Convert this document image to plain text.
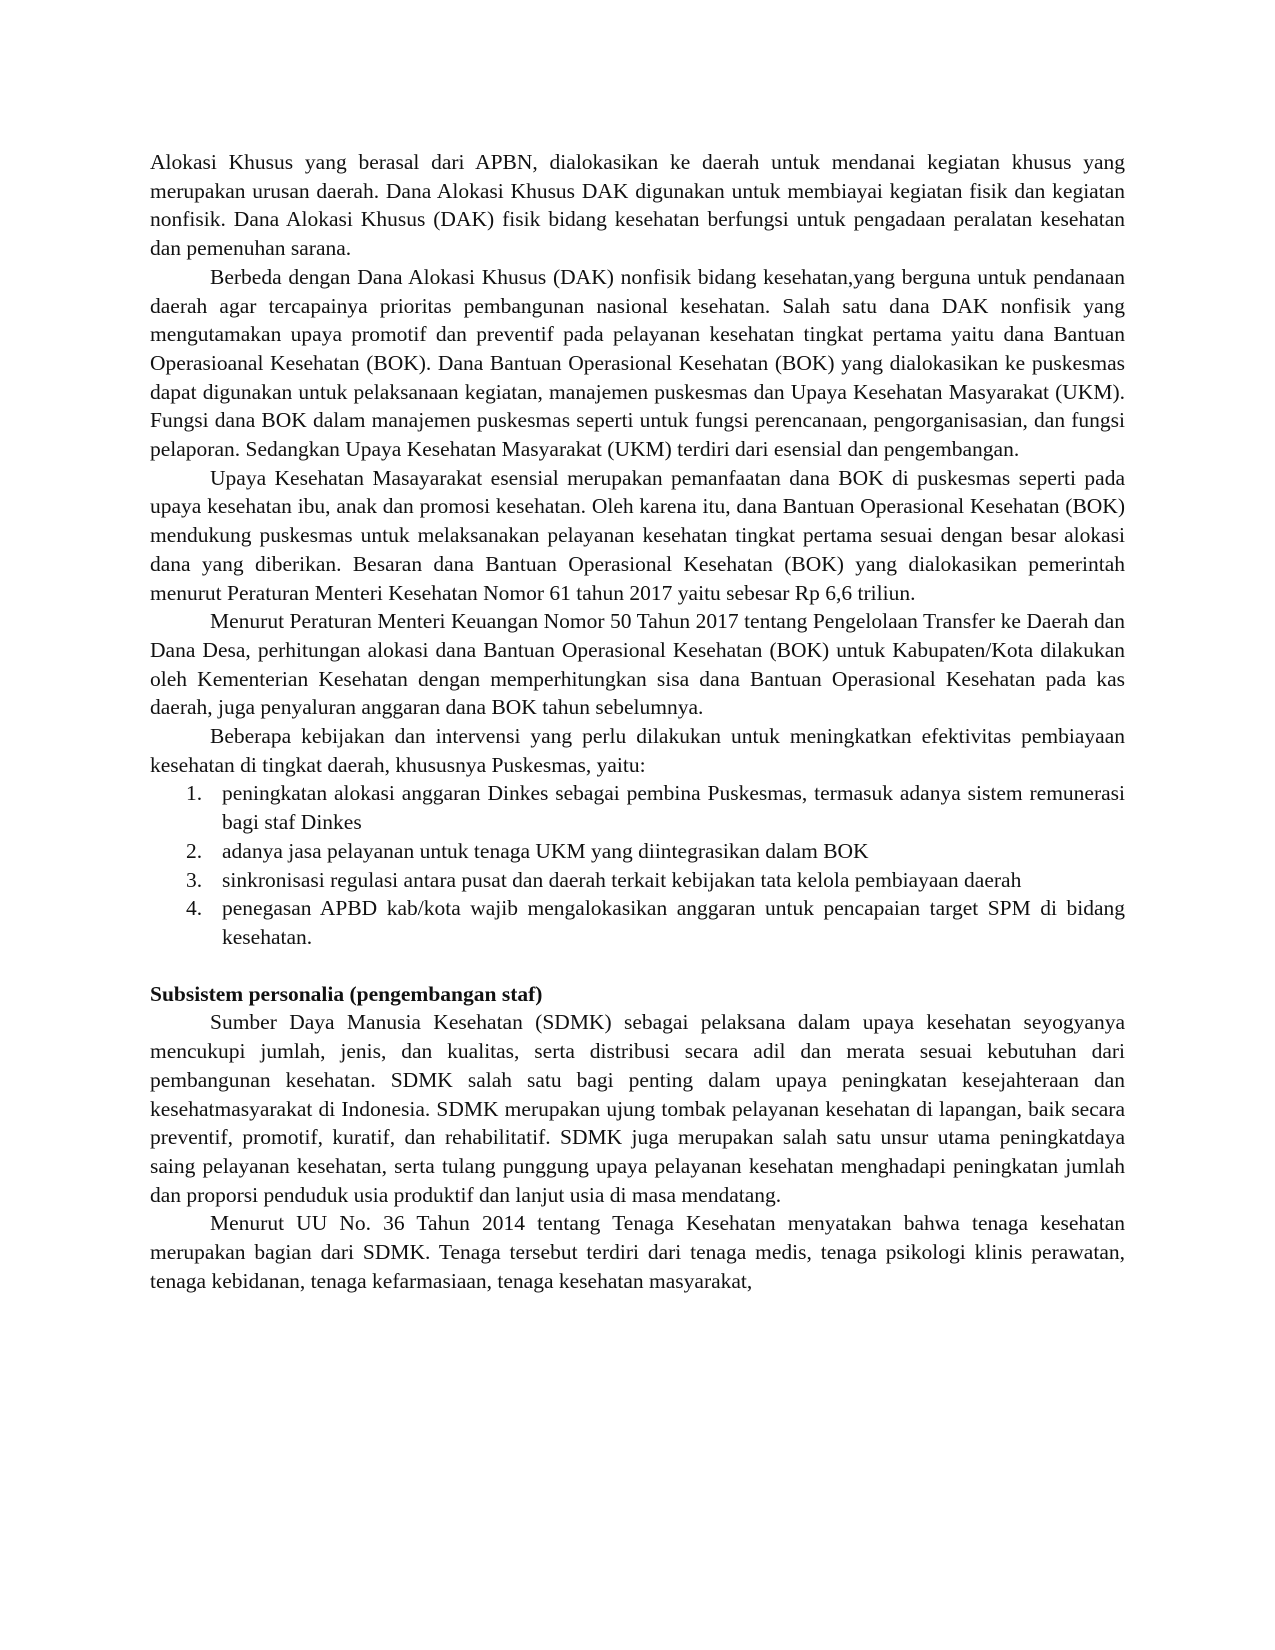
Alokasi Khusus yang berasal dari APBN, dialokasikan ke daerah untuk mendanai kegiatan khusus yang merupakan urusan daerah. Dana Alokasi Khusus DAK digunakan untuk membiayai kegiatan fisik dan kegiatan nonfisik. Dana Alokasi Khusus (DAK) fisik bidang kesehatan berfungsi untuk pengadaan peralatan kesehatan dan pemenuhan sarana.

Berbeda dengan Dana Alokasi Khusus (DAK) nonfisik bidang kesehatan,yang berguna untuk pendanaan daerah agar tercapainya prioritas pembangunan nasional kesehatan. Salah satu dana DAK nonfisik yang mengutamakan upaya promotif dan preventif pada pelayanan kesehatan tingkat pertama yaitu dana Bantuan Operasioanal Kesehatan (BOK). Dana Bantuan Operasional Kesehatan (BOK) yang dialokasikan ke puskesmas dapat digunakan untuk pelaksanaan kegiatan, manajemen puskesmas dan Upaya Kesehatan Masyarakat (UKM). Fungsi dana BOK dalam manajemen puskesmas seperti untuk fungsi perencanaan, pengorganisasian, dan fungsi pelaporan. Sedangkan Upaya Kesehatan Masyarakat (UKM) terdiri dari esensial dan pengembangan.

Upaya Kesehatan Masayarakat esensial merupakan pemanfaatan dana BOK di puskesmas seperti pada upaya kesehatan ibu, anak dan promosi kesehatan. Oleh karena itu, dana Bantuan Operasional Kesehatan (BOK) mendukung puskesmas untuk melaksanakan pelayanan kesehatan tingkat pertama sesuai dengan besar alokasi dana yang diberikan. Besaran dana Bantuan Operasional Kesehatan (BOK) yang dialokasikan pemerintah menurut Peraturan Menteri Kesehatan Nomor 61 tahun 2017 yaitu sebesar Rp 6,6 triliun.

Menurut Peraturan Menteri Keuangan Nomor 50 Tahun 2017 tentang Pengelolaan Transfer ke Daerah dan Dana Desa, perhitungan alokasi dana Bantuan Operasional Kesehatan (BOK) untuk Kabupaten/Kota dilakukan oleh Kementerian Kesehatan dengan memperhitungkan sisa dana Bantuan Operasional Kesehatan pada kas daerah, juga penyaluran anggaran dana BOK tahun sebelumnya.

Beberapa kebijakan dan intervensi yang perlu dilakukan untuk meningkatkan efektivitas pembiayaan kesehatan di tingkat daerah, khususnya Puskesmas, yaitu:

1. peningkatan alokasi anggaran Dinkes sebagai pembina Puskesmas, termasuk adanya sistem remunerasi bagi staf Dinkes
2. adanya jasa pelayanan untuk tenaga UKM yang diintegrasikan dalam BOK
3. sinkronisasi regulasi antara pusat dan daerah terkait kebijakan tata kelola pembiayaan daerah
4. penegasan APBD kab/kota wajib mengalokasikan anggaran untuk pencapaian target SPM di bidang kesehatan.

Subsistem personalia (pengembangan staf)

Sumber Daya Manusia Kesehatan (SDMK) sebagai pelaksana dalam upaya kesehatan seyogyanya mencukupi jumlah, jenis, dan kualitas, serta distribusi secara adil dan merata sesuai kebutuhan dari pembangunan kesehatan. SDMK salah satu bagi penting dalam upaya peningkatan kesejahteraan dan kesehatmasyarakat di Indonesia. SDMK merupakan ujung tombak pelayanan kesehatan di lapangan, baik secara preventif, promotif, kuratif, dan rehabilitatif. SDMK juga merupakan salah satu unsur utama peningkatdaya saing pelayanan kesehatan, serta tulang punggung upaya pelayanan kesehatan menghadapi peningkatan jumlah dan proporsi penduduk usia produktif dan lanjut usia di masa mendatang.

Menurut UU No. 36 Tahun 2014 tentang Tenaga Kesehatan menyatakan bahwa tenaga kesehatan merupakan bagian dari SDMK. Tenaga tersebut terdiri dari tenaga medis, tenaga psikologi klinis perawatan, tenaga kebidanan, tenaga kefarmasiaan, tenaga kesehatan masyarakat,
